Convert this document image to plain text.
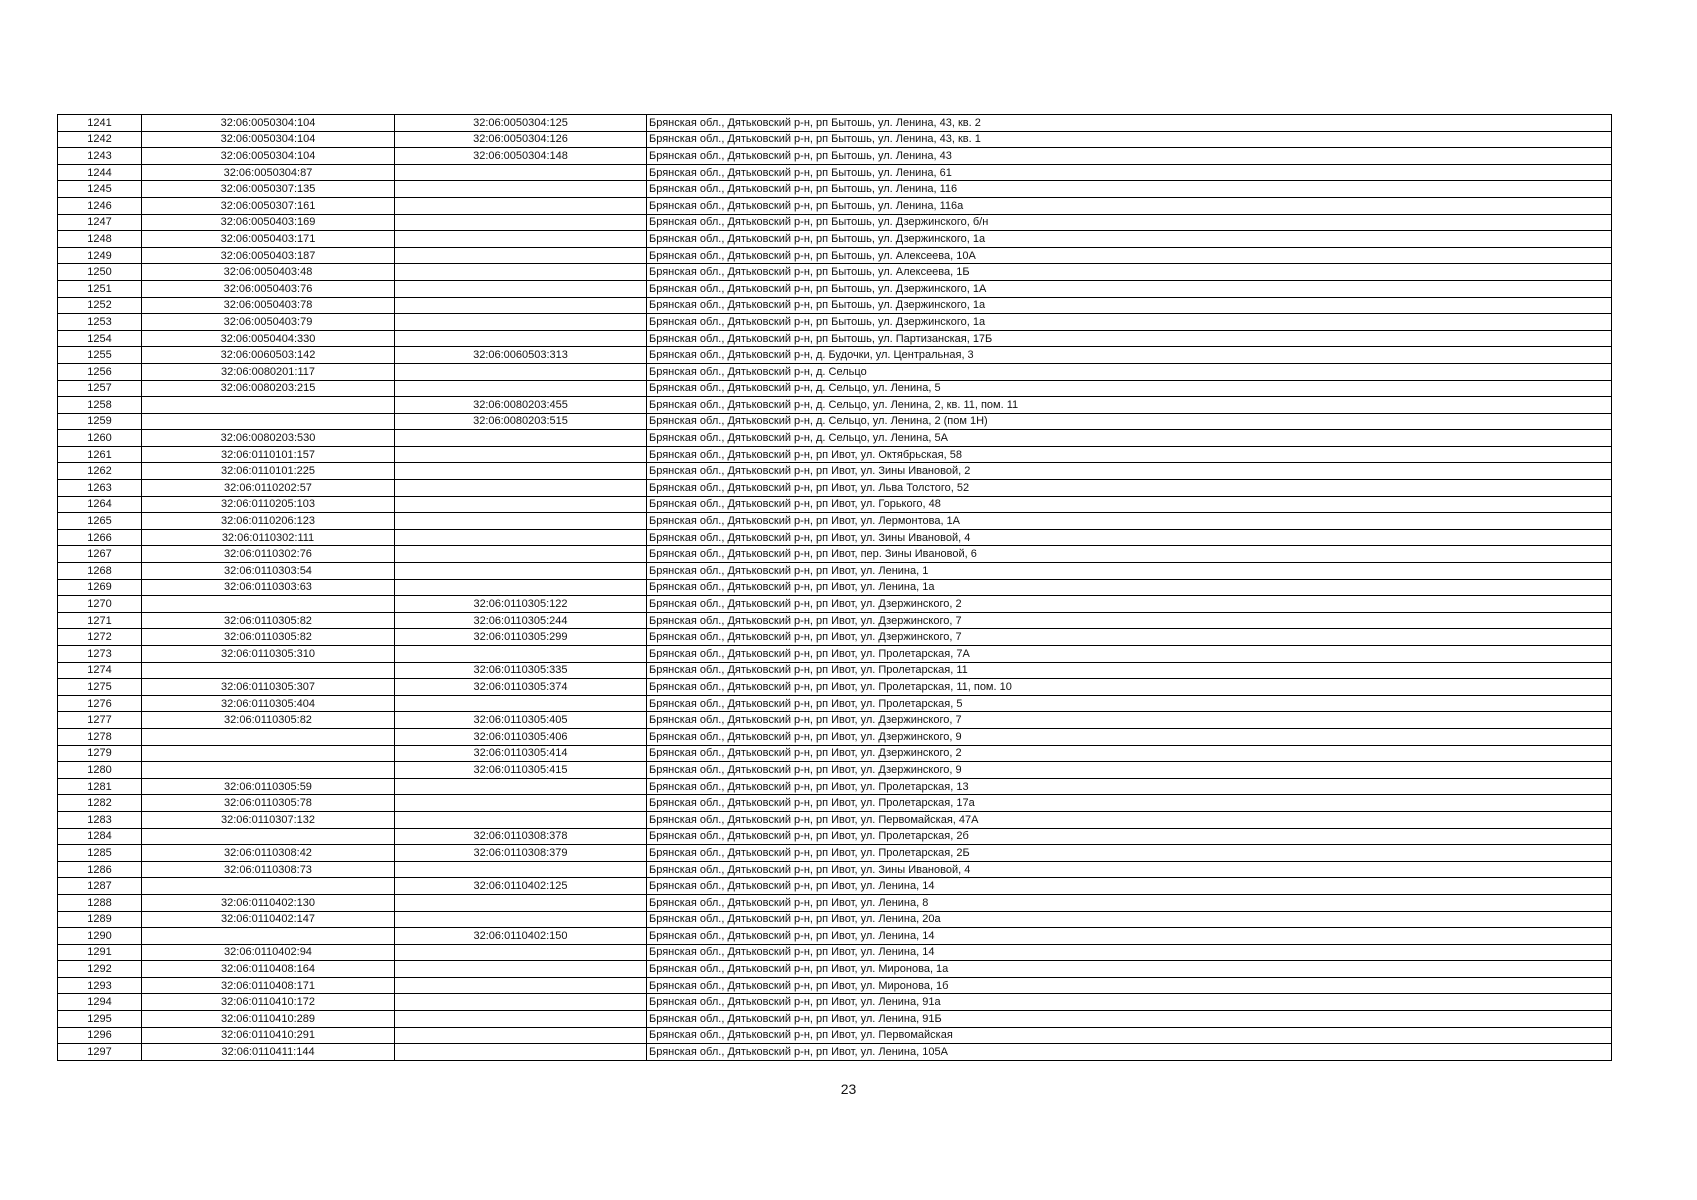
1241	32:06:0050304:104	32:06:0050304:125	Брянская обл., Дятьковский р-н, рп Бытошь, ул. Ленина, 43, кв. 2
1242	32:06:0050304:104	32:06:0050304:126	Брянская обл., Дятьковский р-н, рп Бытошь, ул. Ленина, 43, кв. 1
1243	32:06:0050304:104	32:06:0050304:148	Брянская обл., Дятьковский р-н, рп Бытошь, ул. Ленина, 43
1244	32:06:0050304:87		Брянская обл., Дятьковский р-н, рп Бытошь, ул. Ленина, 61
1245	32:06:0050307:135		Брянская обл., Дятьковский р-н, рп Бытошь, ул. Ленина, 116
1246	32:06:0050307:161		Брянская обл., Дятьковский р-н, рп Бытошь, ул. Ленина, 116а
1247	32:06:0050403:169		Брянская обл., Дятьковский р-н, рп Бытошь, ул. Дзержинского, б/н
1248	32:06:0050403:171		Брянская обл., Дятьковский р-н, рп Бытошь, ул. Дзержинского, 1а
1249	32:06:0050403:187		Брянская обл., Дятьковский р-н, рп Бытошь, ул. Алексеева, 10А
1250	32:06:0050403:48		Брянская обл., Дятьковский р-н, рп Бытошь, ул. Алексеева, 1Б
1251	32:06:0050403:76		Брянская обл., Дятьковский р-н, рп Бытошь, ул. Дзержинского, 1А
1252	32:06:0050403:78		Брянская обл., Дятьковский р-н, рп Бытошь, ул. Дзержинского, 1а
1253	32:06:0050403:79		Брянская обл., Дятьковский р-н, рп Бытошь, ул. Дзержинского, 1а
1254	32:06:0050404:330		Брянская обл., Дятьковский р-н, рп Бытошь, ул. Партизанская, 17Б
1255	32:06:0060503:142	32:06:0060503:313	Брянская обл., Дятьковский р-н, д. Будочки, ул. Центральная, 3
1256	32:06:0080201:117		Брянская обл., Дятьковский р-н, д. Сельцо
1257	32:06:0080203:215		Брянская обл., Дятьковский р-н, д. Сельцо, ул. Ленина, 5
1258		32:06:0080203:455	Брянская обл., Дятьковский р-н, д. Сельцо, ул. Ленина, 2, кв. 11, пом. 11
1259		32:06:0080203:515	Брянская обл., Дятьковский р-н, д. Сельцо, ул. Ленина, 2 (пом 1Н)
1260	32:06:0080203:530		Брянская обл., Дятьковский р-н, д. Сельцо, ул. Ленина, 5А
1261	32:06:0110101:157		Брянская обл., Дятьковский р-н, рп Ивот, ул. Октябрьская, 58
1262	32:06:0110101:225		Брянская обл., Дятьковский р-н, рп Ивот, ул. Зины Ивановой, 2
1263	32:06:0110202:57		Брянская обл., Дятьковский р-н, рп Ивот, ул. Льва Толстого, 52
1264	32:06:0110205:103		Брянская обл., Дятьковский р-н, рп Ивот, ул. Горького, 48
1265	32:06:0110206:123		Брянская обл., Дятьковский р-н, рп Ивот, ул. Лермонтова, 1А
1266	32:06:0110302:111		Брянская обл., Дятьковский р-н, рп Ивот, ул. Зины Ивановой, 4
1267	32:06:0110302:76		Брянская обл., Дятьковский р-н, рп Ивот, пер. Зины Ивановой, 6
1268	32:06:0110303:54		Брянская обл., Дятьковский р-н, рп Ивот, ул. Ленина, 1
1269	32:06:0110303:63		Брянская обл., Дятьковский р-н, рп Ивот, ул. Ленина, 1а
1270		32:06:0110305:122	Брянская обл., Дятьковский р-н, рп Ивот, ул. Дзержинского, 2
1271	32:06:0110305:82	32:06:0110305:244	Брянская обл., Дятьковский р-н, рп Ивот, ул. Дзержинского, 7
1272	32:06:0110305:82	32:06:0110305:299	Брянская обл., Дятьковский р-н, рп Ивот, ул. Дзержинского, 7
1273	32:06:0110305:310		Брянская обл., Дятьковский р-н, рп Ивот, ул. Пролетарская, 7А
1274		32:06:0110305:335	Брянская обл., Дятьковский р-н, рп Ивот, ул. Пролетарская, 11
1275	32:06:0110305:307	32:06:0110305:374	Брянская обл., Дятьковский р-н, рп Ивот, ул. Пролетарская, 11, пом. 10
1276	32:06:0110305:404		Брянская обл., Дятьковский р-н, рп Ивот, ул. Пролетарская, 5
1277	32:06:0110305:82	32:06:0110305:405	Брянская обл., Дятьковский р-н, рп Ивот, ул. Дзержинского, 7
1278		32:06:0110305:406	Брянская обл., Дятьковский р-н, рп Ивот, ул. Дзержинского, 9
1279		32:06:0110305:414	Брянская обл., Дятьковский р-н, рп Ивот, ул. Дзержинского, 2
1280		32:06:0110305:415	Брянская обл., Дятьковский р-н, рп Ивот, ул. Дзержинского, 9
1281	32:06:0110305:59		Брянская обл., Дятьковский р-н, рп Ивот, ул. Пролетарская, 13
1282	32:06:0110305:78		Брянская обл., Дятьковский р-н, рп Ивот, ул. Пролетарская, 17а
1283	32:06:0110307:132		Брянская обл., Дятьковский р-н, рп Ивот, ул. Первомайская, 47А
1284		32:06:0110308:378	Брянская обл., Дятьковский р-н, рп Ивот, ул. Пролетарская, 2б
1285	32:06:0110308:42	32:06:0110308:379	Брянская обл., Дятьковский р-н, рп Ивот, ул. Пролетарская, 2Б
1286	32:06:0110308:73		Брянская обл., Дятьковский р-н, рп Ивот, ул. Зины Ивановой, 4
1287		32:06:0110402:125	Брянская обл., Дятьковский р-н, рп Ивот, ул. Ленина, 14
1288	32:06:0110402:130		Брянская обл., Дятьковский р-н, рп Ивот, ул. Ленина, 8
1289	32:06:0110402:147		Брянская обл., Дятьковский р-н, рп Ивот, ул. Ленина, 20а
1290		32:06:0110402:150	Брянская обл., Дятьковский р-н, рп Ивот, ул. Ленина, 14
1291	32:06:0110402:94		Брянская обл., Дятьковский р-н, рп Ивот, ул. Ленина, 14
1292	32:06:0110408:164		Брянская обл., Дятьковский р-н, рп Ивот, ул. Миронова, 1а
1293	32:06:0110408:171		Брянская обл., Дятьковский р-н, рп Ивот, ул. Миронова, 1б
1294	32:06:0110410:172		Брянская обл., Дятьковский р-н, рп Ивот, ул. Ленина, 91а
1295	32:06:0110410:289		Брянская обл., Дятьковский р-н, рп Ивот, ул. Ленина, 91Б
1296	32:06:0110410:291		Брянская обл., Дятьковский р-н, рп Ивот, ул. Первомайская
1297	32:06:0110411:144		Брянская обл., Дятьковский р-н, рп Ивот, ул. Ленина, 105А
23
